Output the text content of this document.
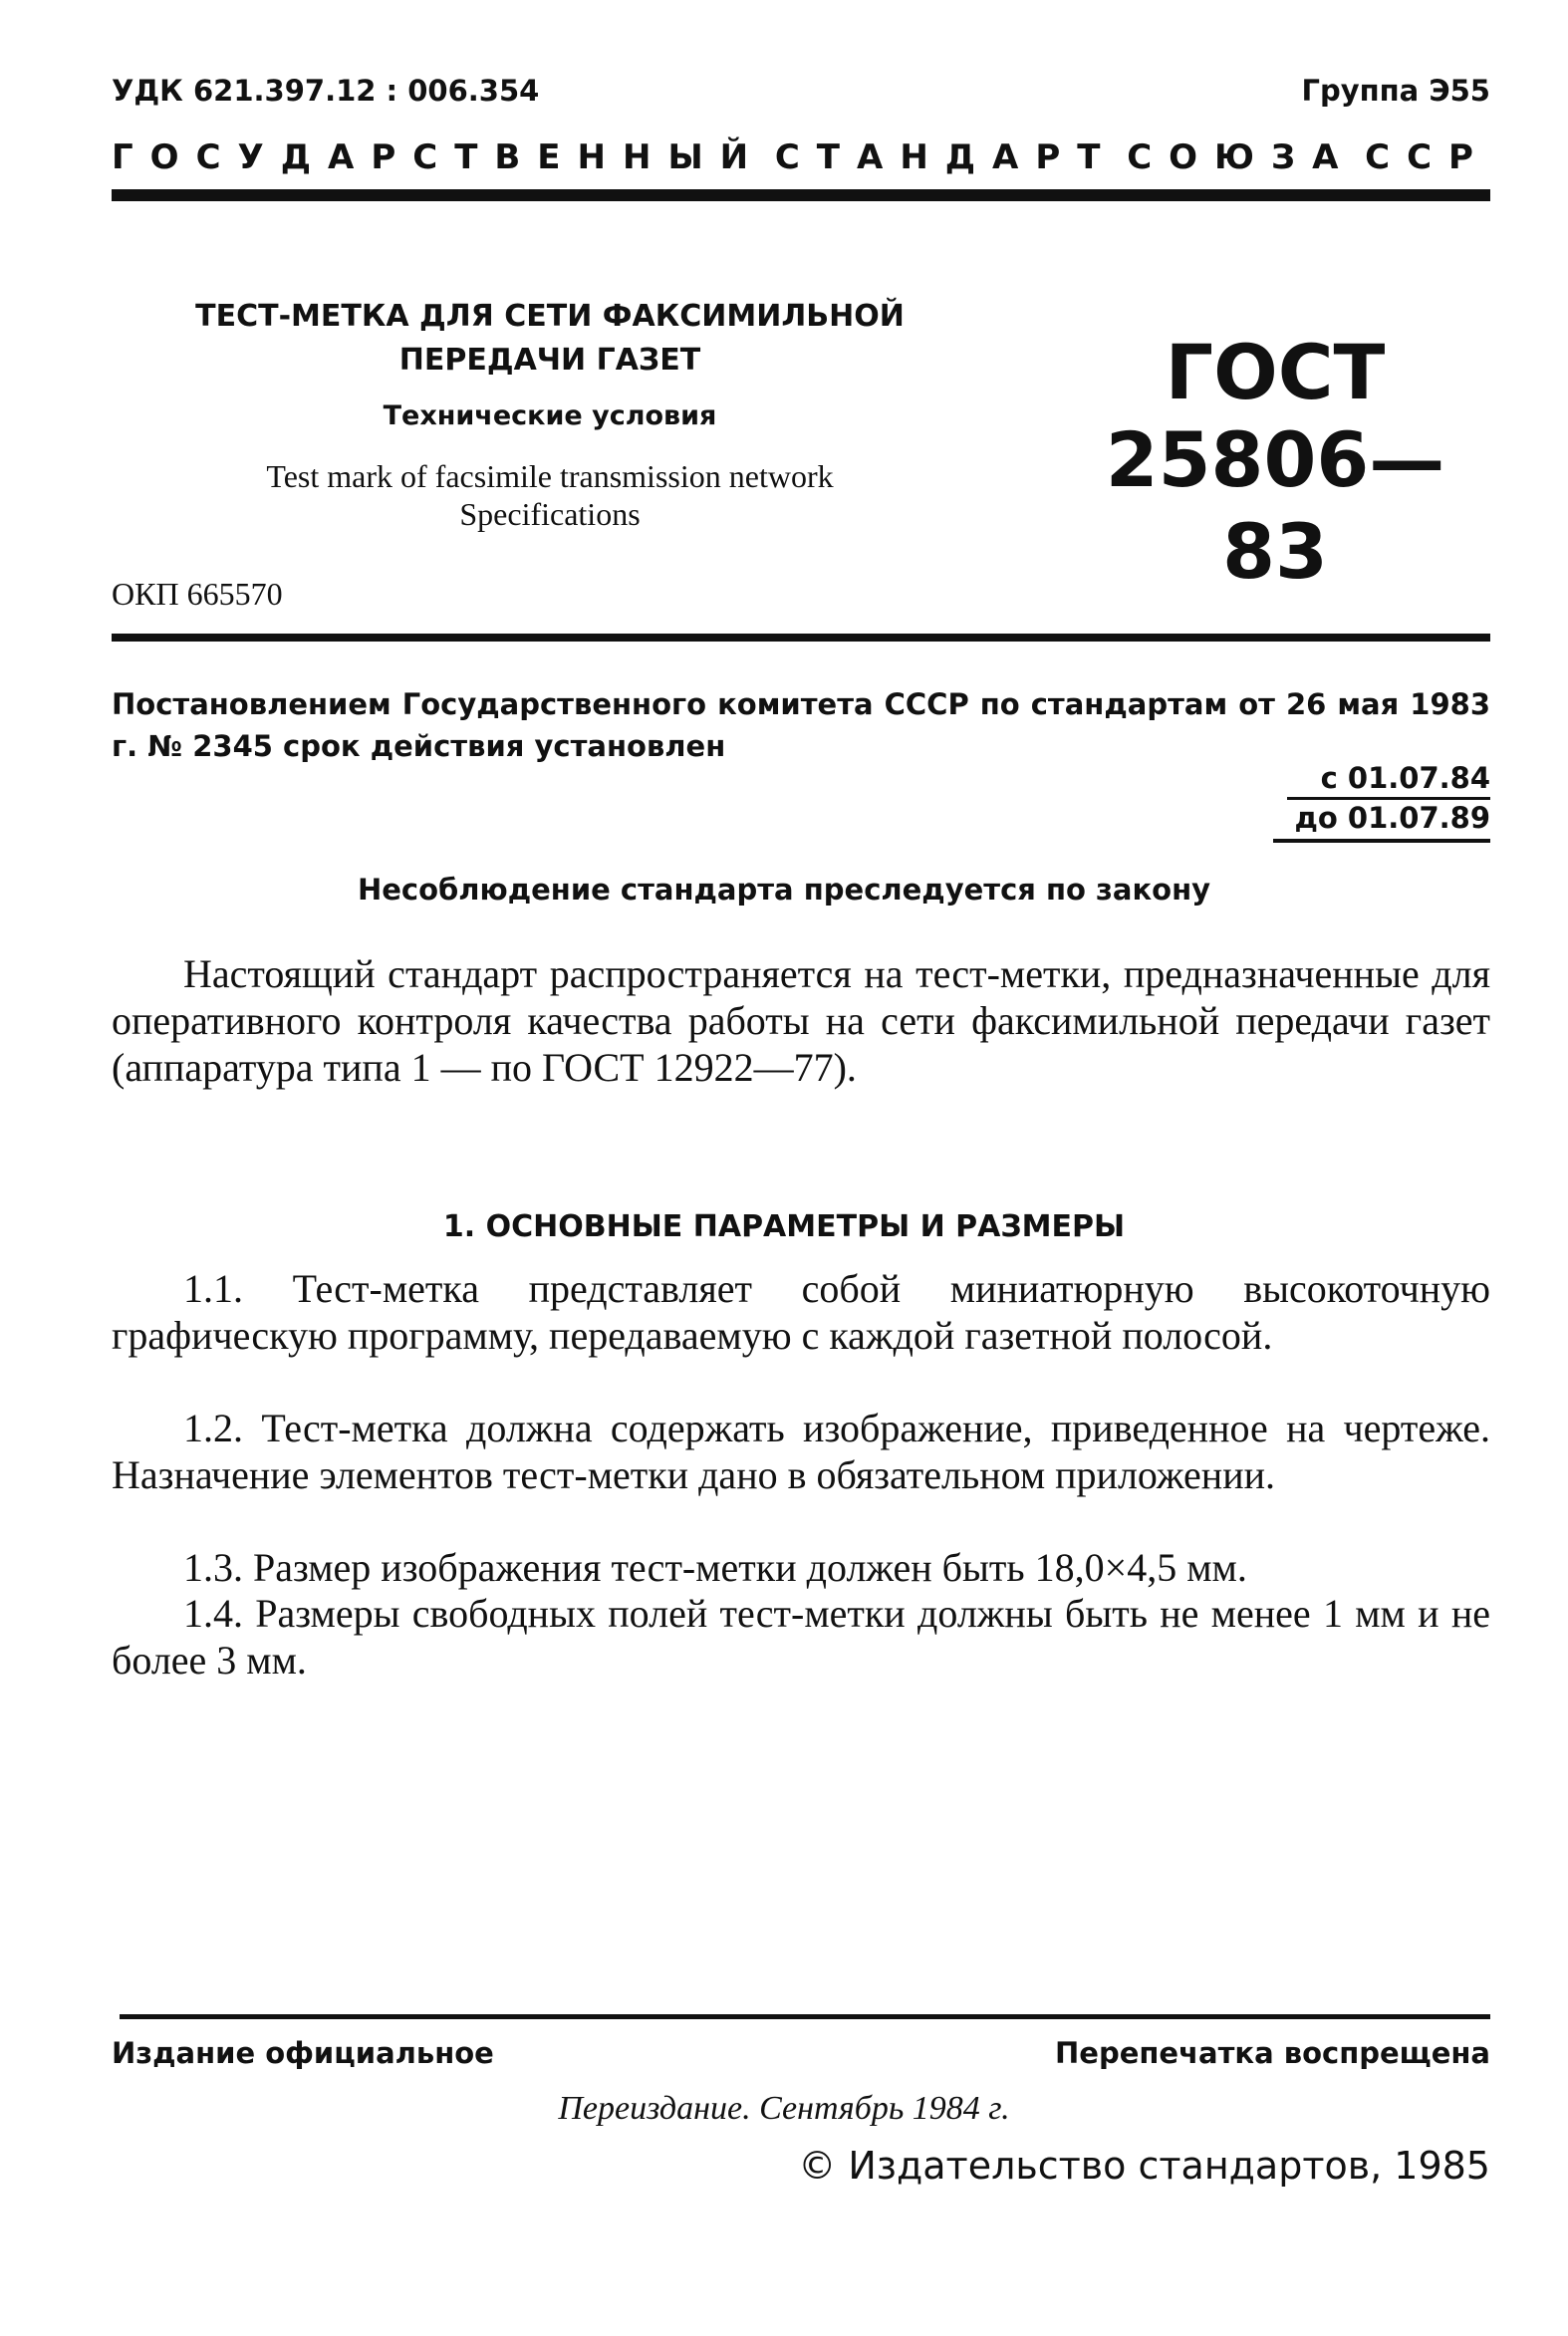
УДК 621.397.12 : 006.354	Группа Э55
ГОСУДАРСТВЕННЫЙ СТАНДАРТ СОЮЗА ССР
ТЕСТ-МЕТКА ДЛЯ СЕТИ ФАКСИМИЛЬНОЙ
ПЕРЕДАЧИ ГАЗЕТ
Технические условия
Test mark of facsimile transmission network
Specifications
ГОСТ
25806—83
ОКП 665570
Постановлением Государственного комитета СССР по стандартам от 26 мая 1983 г. № 2345 срок действия установлен
с 01.07.84
до 01.07.89
Несоблюдение стандарта преследуется по закону
Настоящий стандарт распространяется на тест-метки, предназначенные для оперативного контроля качества работы на сети факсимильной передачи газет (аппаратура типа 1 — по ГОСТ 12922—77).
1. ОСНОВНЫЕ ПАРАМЕТРЫ И РАЗМЕРЫ
1.1. Тест-метка представляет собой миниатюрную высокоточную графическую программу, передаваемую с каждой газетной полосой.
1.2. Тест-метка должна содержать изображение, приведенное на чертеже. Назначение элементов тест-метки дано в обязательном приложении.
1.3. Размер изображения тест-метки должен быть 18,0×4,5 мм.
1.4. Размеры свободных полей тест-метки должны быть не менее 1 мм и не более 3 мм.
Издание официальное	Перепечатка воспрещена
Переиздание. Сентябрь 1984 г.
© Издательство стандартов, 1985
